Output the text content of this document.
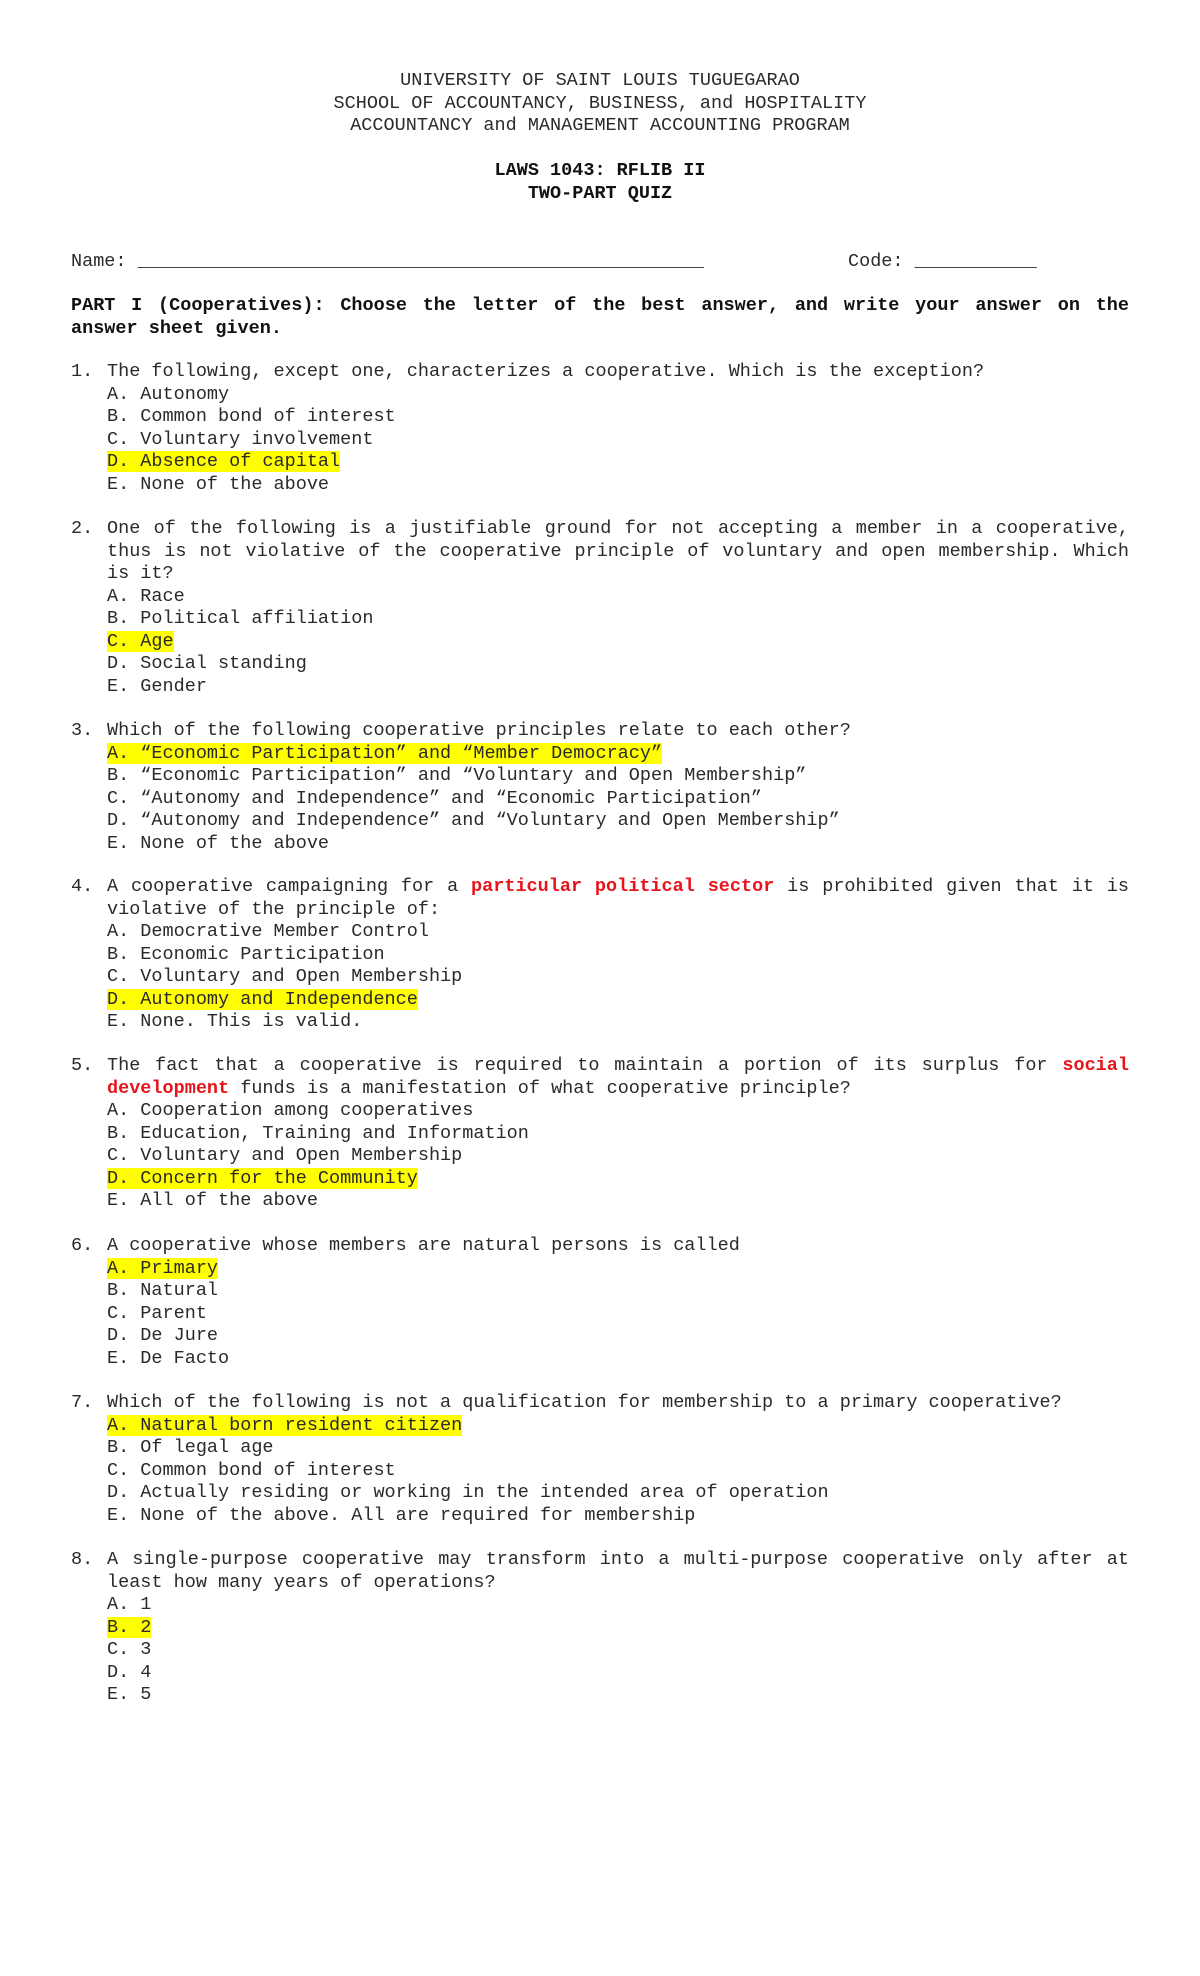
UNIVERSITY OF SAINT LOUIS TUGUEGARAO
SCHOOL OF ACCOUNTANCY, BUSINESS, and HOSPITALITY
ACCOUNTANCY and MANAGEMENT ACCOUNTING PROGRAM
LAWS 1043: RFLIB II
TWO-PART QUIZ
Name: ___________________________________________________	Code: ___________
PART I (Cooperatives): Choose the letter of the best answer, and write your answer on the answer sheet given.
1. The following, except one, characterizes a cooperative. Which is the exception?
A. Autonomy
B. Common bond of interest
C. Voluntary involvement
D. Absence of capital
E. None of the above
2. One of the following is a justifiable ground for not accepting a member in a cooperative, thus is not violative of the cooperative principle of voluntary and open membership. Which is it?
A. Race
B. Political affiliation
C. Age
D. Social standing
E. Gender
3. Which of the following cooperative principles relate to each other?
A. “Economic Participation” and “Member Democracy”
B. “Economic Participation” and “Voluntary and Open Membership”
C. “Autonomy and Independence” and “Economic Participation”
D. “Autonomy and Independence” and “Voluntary and Open Membership”
E. None of the above
4. A cooperative campaigning for a particular political sector is prohibited given that it is violative of the principle of:
A. Democrative Member Control
B. Economic Participation
C. Voluntary and Open Membership
D. Autonomy and Independence
E. None. This is valid.
5. The fact that a cooperative is required to maintain a portion of its surplus for social development funds is a manifestation of what cooperative principle?
A. Cooperation among cooperatives
B. Education, Training and Information
C. Voluntary and Open Membership
D. Concern for the Community
E. All of the above
6. A cooperative whose members are natural persons is called
A. Primary
B. Natural
C. Parent
D. De Jure
E. De Facto
7. Which of the following is not a qualification for membership to a primary cooperative?
A. Natural born resident citizen
B. Of legal age
C. Common bond of interest
D. Actually residing or working in the intended area of operation
E. None of the above. All are required for membership
8. A single-purpose cooperative may transform into a multi-purpose cooperative only after at least how many years of operations?
A. 1
B. 2
C. 3
D. 4
E. 5
